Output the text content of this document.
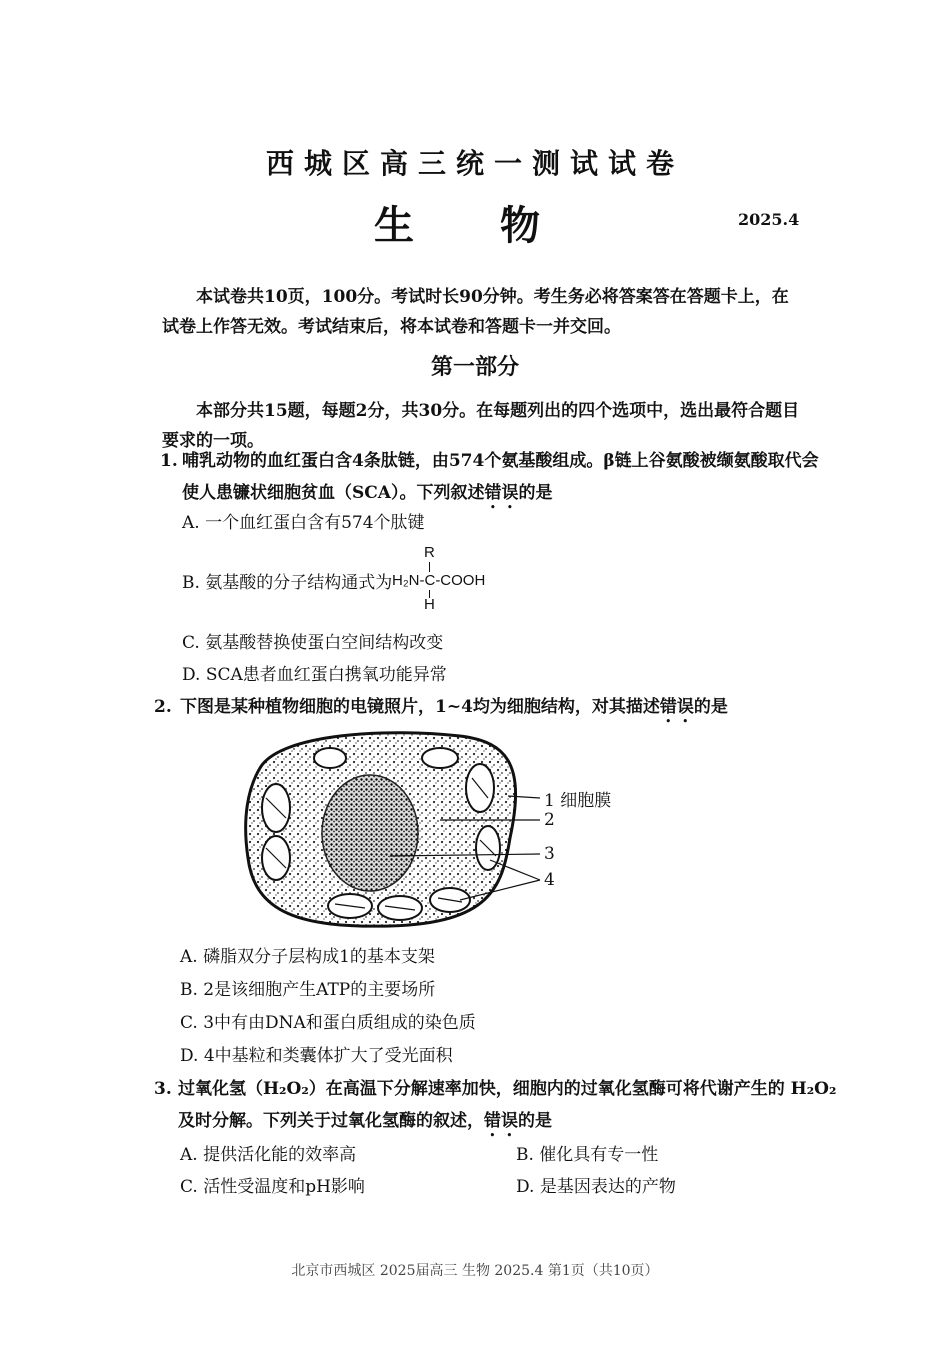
西城区高三统一测试试卷
生 物	2025.4
本试卷共10页，100分。考试时长90分钟。考生务必将答案答在答题卡上，在试卷上作答无效。考试结束后，将本试卷和答题卡一并交回。
第一部分
本部分共15题，每题2分，共30分。在每题列出的四个选项中，选出最符合题目要求的一项。
1. 哺乳动物的血红蛋白含4条肽链，由574个氨基酸组成。β链上谷氨酸被缬氨酸取代会
使人患镰状细胞贫血（SCA）。下列叙述错误的是
A. 一个血红蛋白含有574个肽键
B. 氨基酸的分子结构通式为
R
H₂N-C-COOH
H
C. 氨基酸替换使蛋白空间结构改变
D. SCA患者血红蛋白携氧功能异常
2. 下图是某种植物细胞的电镜照片，1~4均为细胞结构，对其描述错误的是
1 细胞膜
2
3
4
A. 磷脂双分子层构成1的基本支架
B. 2是该细胞产生ATP的主要场所
C. 3中有由DNA和蛋白质组成的染色质
D. 4中基粒和类囊体扩大了受光面积
3. 过氧化氢（H₂O₂）在高温下分解速率加快，细胞内的过氧化氢酶可将代谢产生的 H₂O₂
及时分解。下列关于过氧化氢酶的叙述，错误的是
A. 提供活化能的效率高	B. 催化具有专一性
C. 活性受温度和pH影响	D. 是基因表达的产物
北京市西城区 2025届高三 生物 2025.4 第1页（共10页）
